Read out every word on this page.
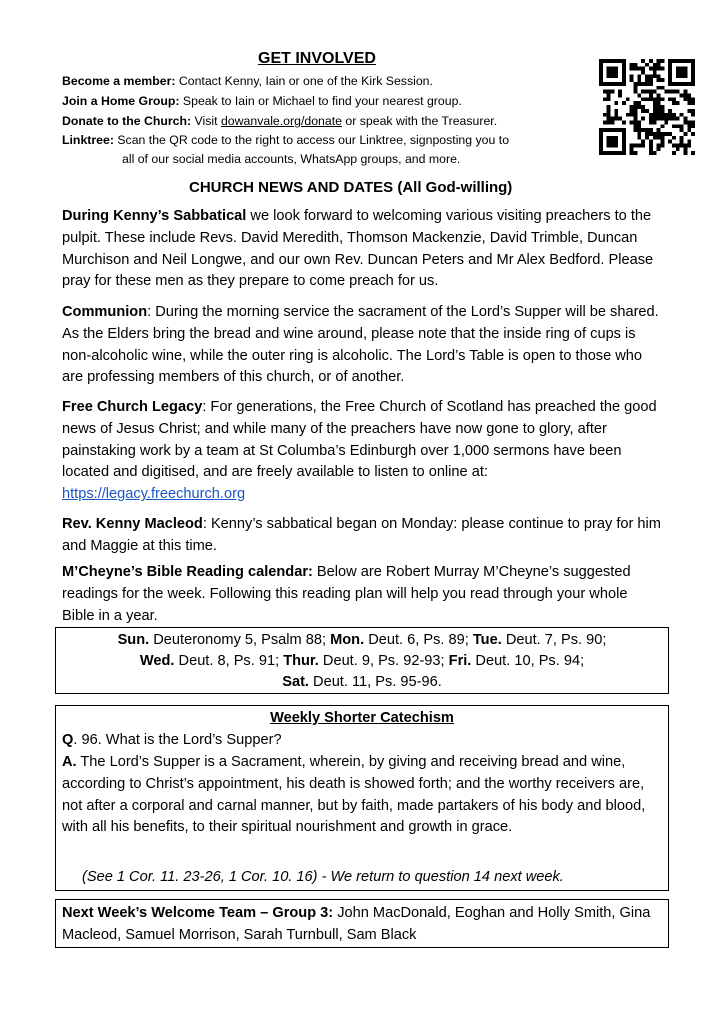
GET INVOLVED
Become a member: Contact Kenny, Iain or one of the Kirk Session.
Join a Home Group: Speak to Iain or Michael to find your nearest group.
Donate to the Church: Visit dowanvale.org/donate or speak with the Treasurer.
Linktree: Scan the QR code to the right to access our Linktree, signposting you to
all of our social media accounts, WhatsApp groups, and more.
CHURCH NEWS AND DATES (All God-willing)
During Kenny’s Sabbatical we look forward to welcoming various visiting preachers to the pulpit. These include Revs. David Meredith, Thomson Mackenzie, David Trimble, Duncan Murchison and Neil Longwe, and our own Rev. Duncan Peters and Mr Alex Bedford. Please pray for these men as they prepare to come preach for us.
Communion: During the morning service the sacrament of the Lord’s Supper will be shared. As the Elders bring the bread and wine around, please note that the inside ring of cups is non-alcoholic wine, while the outer ring is alcoholic. The Lord’s Table is open to those who are professing members of this church, or of another.
Free Church Legacy: For generations, the Free Church of Scotland has preached the good news of Jesus Christ; and while many of the preachers have now gone to glory, after painstaking work by a team at St Columba’s Edinburgh over 1,000 sermons have been located and digitised, and are freely available to listen to online at: https://legacy.freechurch.org
Rev. Kenny Macleod: Kenny’s sabbatical began on Monday: please continue to pray for him and Maggie at this time.
M’Cheyne’s Bible Reading calendar: Below are Robert Murray M’Cheyne’s suggested readings for the week. Following this reading plan will help you read through your whole Bible in a year.
Sun. Deuteronomy 5, Psalm 88; Mon. Deut. 6, Ps. 89; Tue. Deut. 7, Ps. 90;
Wed. Deut. 8, Ps. 91; Thur. Deut. 9, Ps. 92-93; Fri. Deut. 10, Ps. 94;
Sat. Deut. 11, Ps. 95-96.
Weekly Shorter Catechism
Q. 96. What is the Lord’s Supper?
A. The Lord’s Supper is a Sacrament, wherein, by giving and receiving bread and wine, according to Christ’s appointment, his death is showed forth; and the worthy receivers are, not after a corporal and carnal manner, but by faith, made partakers of his body and blood, with all his benefits, to their spiritual nourishment and growth in grace.
(See 1 Cor. 11. 23-26, 1 Cor. 10. 16) - We return to question 14 next week.
Next Week’s Welcome Team – Group 3: John MacDonald, Eoghan and Holly Smith, Gina Macleod, Samuel Morrison, Sarah Turnbull, Sam Black
